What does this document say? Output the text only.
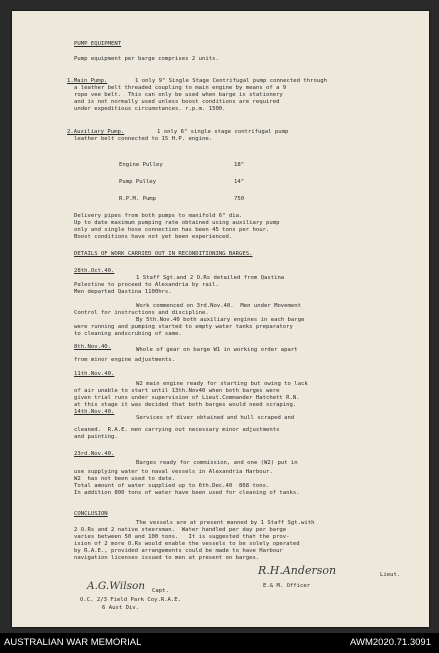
PUMP EQUIPMENT
Pump equipment per barge comprises 2 units.
1.Main Pump.	1 only 9" Single Stage Centrifugal pump connected through
a leather belt threaded coupling to main engine by means of a 9
rope vee belt.  This can only be used when barge is stationery
and is not normally used unless boost conditions are required
under expeditious circumstances. r.p.m. 1500.
2.Auxiliary Pump.	1 only 6" single stage contrifugal pump
leather belt connected to 15 H.P. engine.
Engine Pulley	18"
Pump Pulley	14"
R.P.M. Pump	750
Delivery pipes from both pumps to manifold 6" dia.
Up to date maximum pumping rate obtained using auxiliary pump
only and single hose connection has been 45 tons per hour.
Boost conditions have not yet been experienced.
DETAILS OF WORK CARRIED OUT IN RECONDITIONING BARGES.
28th.Oct.40.
1 Staff Sgt.and 2 O.Rs detailed from Qastina
Palestine to proceed to Alexandria by rail.
Men departed Qastina 1100hrs.
Work commenced on 3rd.Nov.40.  Men under Movement
Control for instructions and discipline.
By 5th.Nov.40 both auxiliary engines in each barge
were running and pumping started to empty water tanks preparatory
to cleaning andscrubing of same.
8th.Nov.40.	Whole of gear on barge W1 in working order apart
from minor engine adjustments.
11th.Nov.40.
W2 main engine ready for starting but owing to lack
of air unable to start until 13th.Nov40 when both barges were
given trial runs under supervision of Lieut.Commander Hatchett R.N.
at this stage it was decided that both barges would need scraping.
14th.Nov.40.
Services of diver obtained and hull scraped and
cleaned.  R.A.E. men carrying out necessary minor adjustments
and painting.
23rd.Nov.40.
Barges ready for commission, and one (W2) put in
use supplying water to naval vessels in Alexandria Harbour.
W2  has not been used to date.
Total amount of water supplied up to 6th.Dec.40  868 tons.
In addition 800 tons of water have been used for cleaning of tanks.
CONCLUSION
The vessels are at present manned by 1 Staff Sgt.with
2 O.Rs and 2 native steersman.  Water handled per day per barge
varies between 50 and 100 tons.   It is suggested that the prov-
ision of 2 more O.Rs would enable the vessels to be solely operated
by R.A.E., provided arrangements could be made to have Harbour
navigation licenses issued to men at present on barges.
R.H.Anderson	Lieut.
E.& M. Officer
A.G.Wilson Capt.
O.C. 2/3 Field Park Coy.R.A.E.
6 Aust Div.
AUSTRALIAN WAR MEMORIAL	AWM2020.71.3091
